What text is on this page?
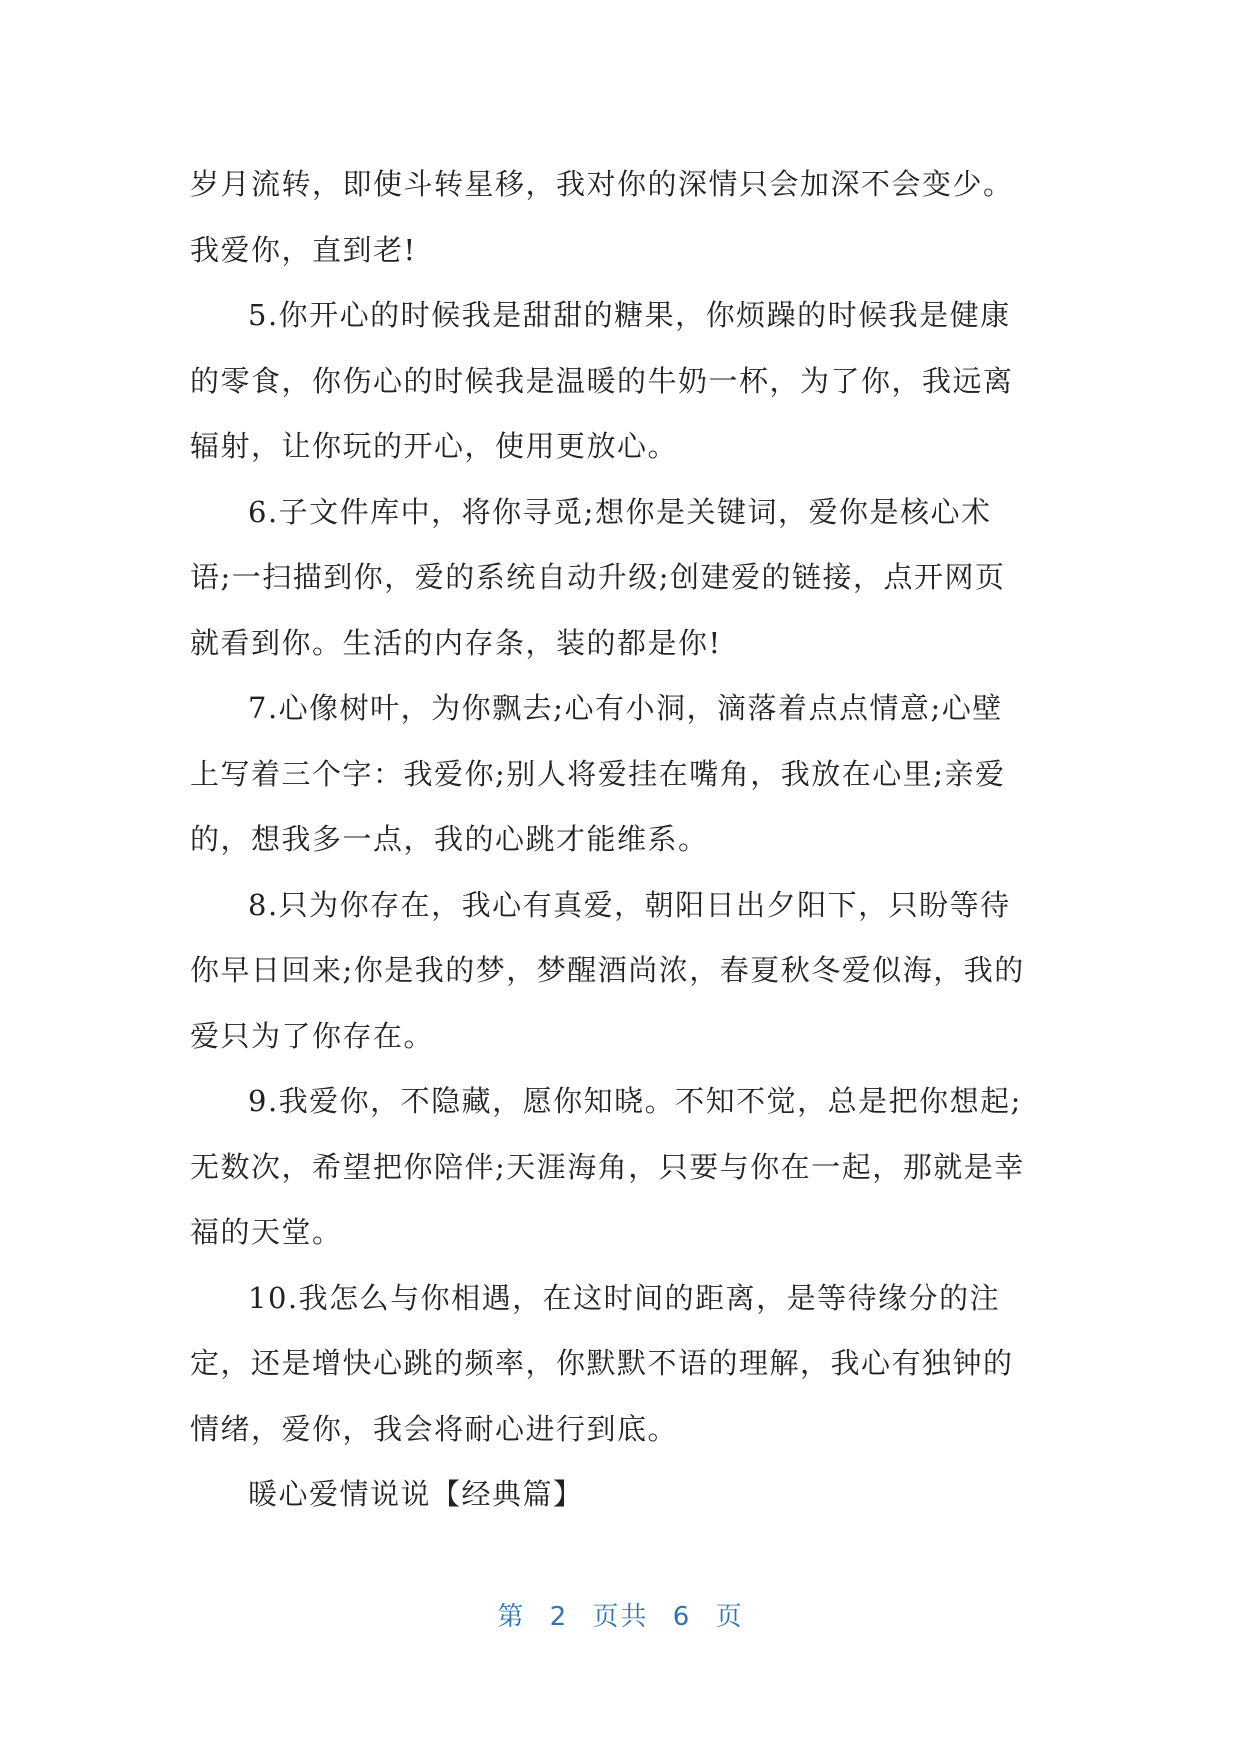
岁月流转，即使斗转星移，我对你的深情只会加深不会变少。
我爱你，直到老!
5.你开心的时候我是甜甜的糖果，你烦躁的时候我是健康
的零食，你伤心的时候我是温暖的牛奶一杯，为了你，我远离
辐射，让你玩的开心，使用更放心。
6.子文件库中，将你寻觅;想你是关键词，爱你是核心术
语;一扫描到你，爱的系统自动升级;创建爱的链接，点开网页
就看到你。生活的内存条，装的都是你!
7.心像树叶，为你飘去;心有小洞，滴落着点点情意;心壁
上写着三个字：我爱你;别人将爱挂在嘴角，我放在心里;亲爱
的，想我多一点，我的心跳才能维系。
8.只为你存在，我心有真爱，朝阳日出夕阳下，只盼等待
你早日回来;你是我的梦，梦醒酒尚浓，春夏秋冬爱似海，我的
爱只为了你存在。
9.我爱你，不隐藏，愿你知晓。不知不觉，总是把你想起;
无数次，希望把你陪伴;天涯海角，只要与你在一起，那就是幸
福的天堂。
10.我怎么与你相遇，在这时间的距离，是等待缘分的注
定，还是增快心跳的频率，你默默不语的理解，我心有独钟的
情绪，爱你，我会将耐心进行到底。
暖心爱情说说【经典篇】
第 2 页共 6 页
